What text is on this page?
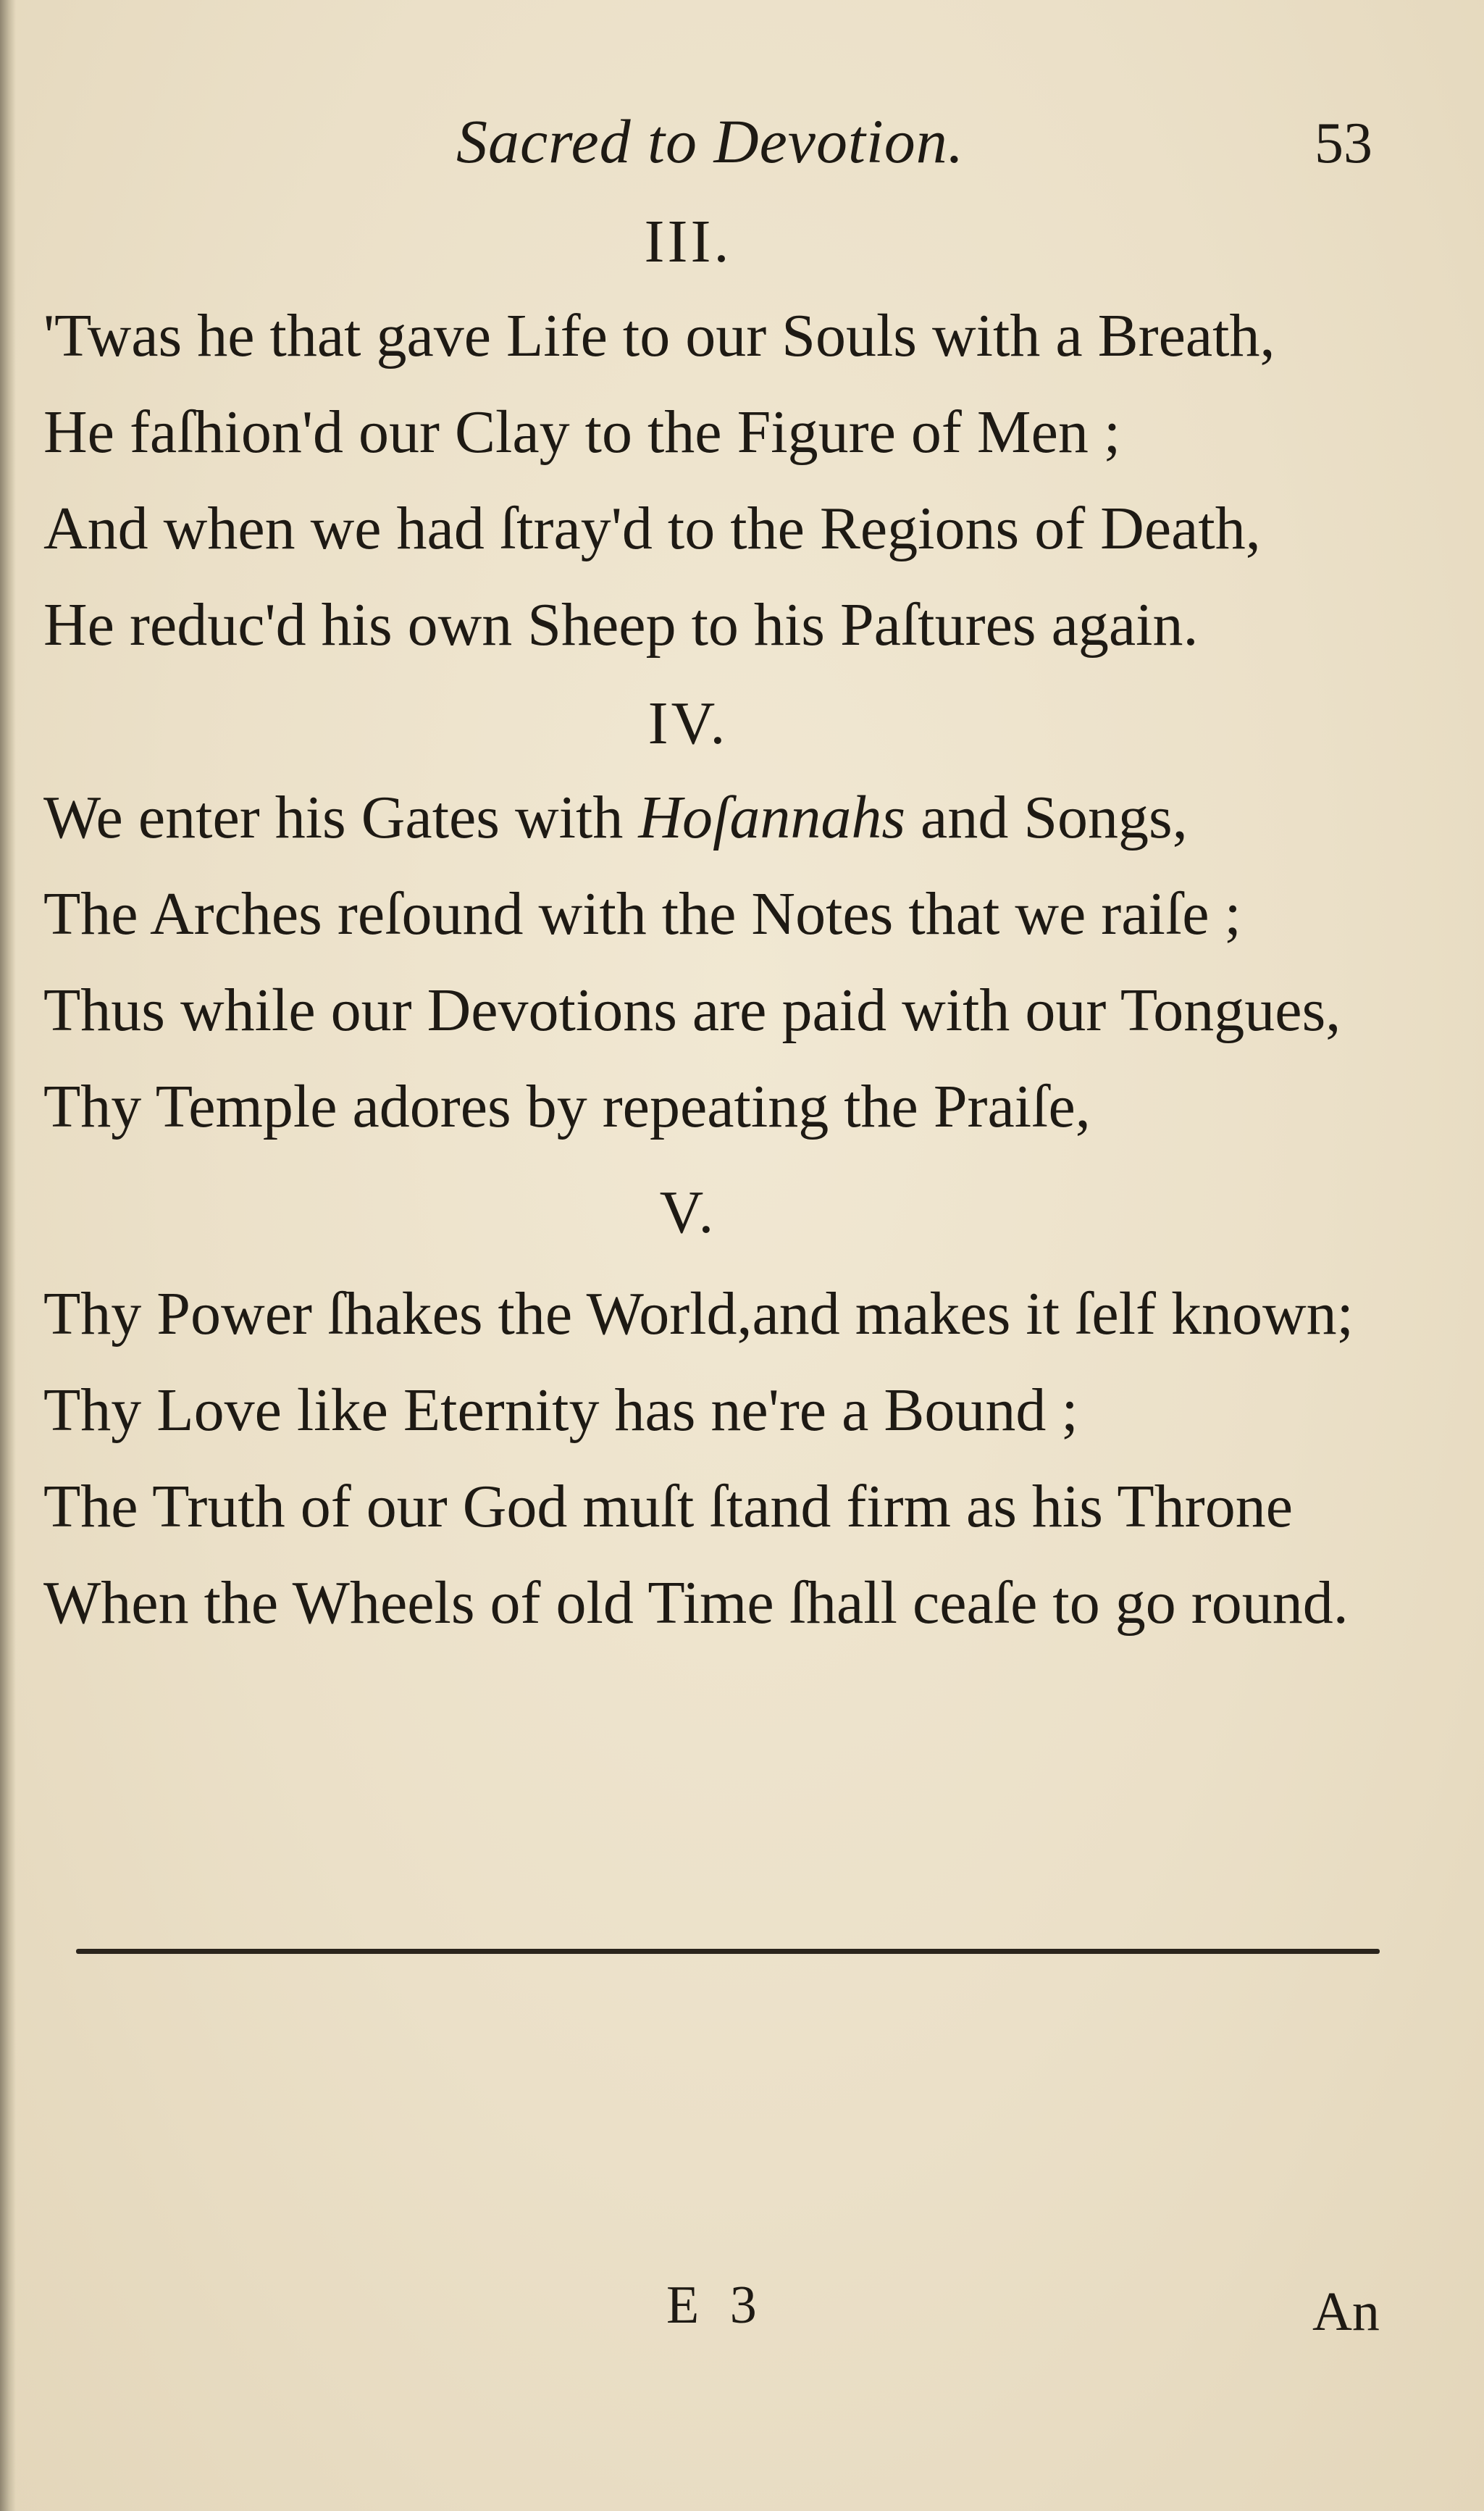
Sacred to Devotion.	53
III.
'Twas he that gave Life to our Souls with a Breath,
He faſhion'd our Clay to the Figure of Men ;
And when we had ſtray'd to the Regions of Death,
He reduc'd his own Sheep to his Paſtures again.
IV.
We enter his Gates with Hoſannahs and Songs,
The Arches reſound with the Notes that we raiſe ;
Thus while our Devotions are paid with our Tongues,
Thy Temple adores by repeating the Praiſe,
V.
Thy Power ſhakes the World,and makes it ſelf known;
Thy Love like Eternity has ne're a Bound ;
The Truth of our God muſt ſtand firm as his Throne
When the Wheels of old Time ſhall ceaſe to go round.
E 3	An
